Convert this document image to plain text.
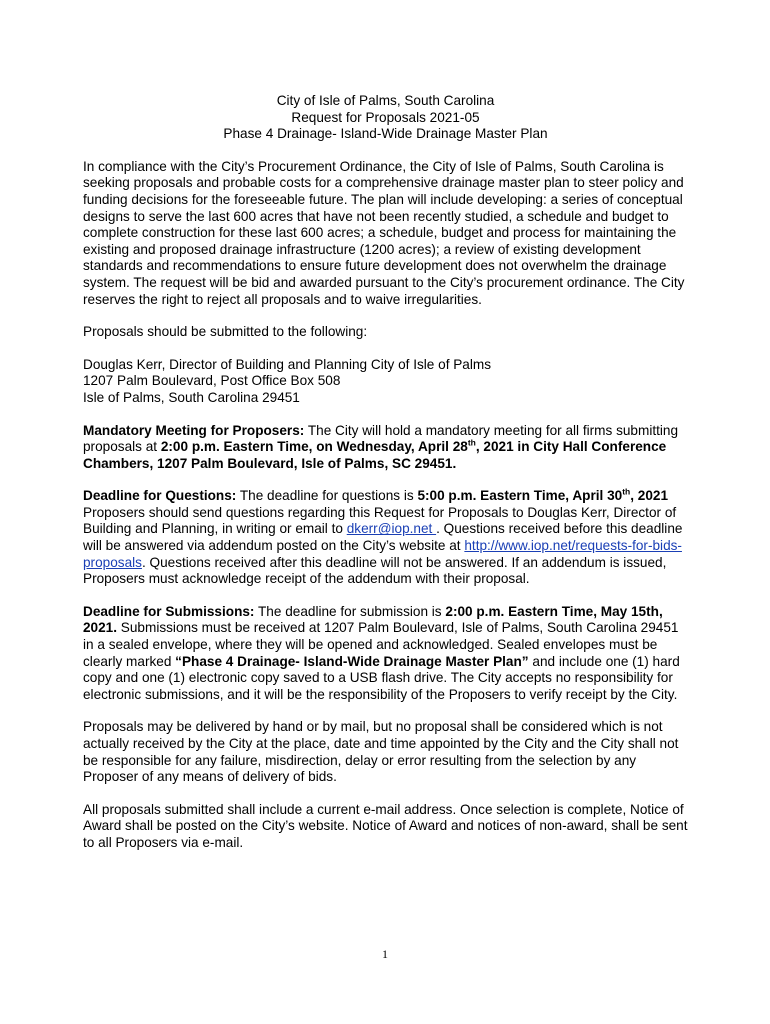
City of Isle of Palms, South Carolina
Request for Proposals 2021-05
Phase 4 Drainage- Island-Wide Drainage Master Plan

In compliance with the City’s Procurement Ordinance, the City of Isle of Palms, South Carolina is seeking proposals and probable costs for a comprehensive drainage master plan to steer policy and funding decisions for the foreseeable future. The plan will include developing: a series of conceptual designs to serve the last 600 acres that have not been recently studied, a schedule and budget to complete construction for these last 600 acres; a schedule, budget and process for maintaining the existing and proposed drainage infrastructure (1200 acres); a review of existing development standards and recommendations to ensure future development does not overwhelm the drainage system. The request will be bid and awarded pursuant to the City’s procurement ordinance. The City reserves the right to reject all proposals and to waive irregularities.

Proposals should be submitted to the following:

Douglas Kerr, Director of Building and Planning City of Isle of Palms
1207 Palm Boulevard, Post Office Box 508
Isle of Palms, South Carolina 29451

Mandatory Meeting for Proposers: The City will hold a mandatory meeting for all firms submitting proposals at 2:00 p.m. Eastern Time, on Wednesday, April 28th, 2021 in City Hall Conference Chambers, 1207 Palm Boulevard, Isle of Palms, SC 29451.

Deadline for Questions: The deadline for questions is 5:00 p.m. Eastern Time, April 30th, 2021 Proposers should send questions regarding this Request for Proposals to Douglas Kerr, Director of Building and Planning, in writing or email to dkerr@iop.net . Questions received before this deadline will be answered via addendum posted on the City’s website at http://www.iop.net/requests-for-bids-proposals. Questions received after this deadline will not be answered. If an addendum is issued, Proposers must acknowledge receipt of the addendum with their proposal.

Deadline for Submissions: The deadline for submission is 2:00 p.m. Eastern Time, May 15th, 2021. Submissions must be received at 1207 Palm Boulevard, Isle of Palms, South Carolina 29451 in a sealed envelope, where they will be opened and acknowledged. Sealed envelopes must be clearly marked “Phase 4 Drainage- Island-Wide Drainage Master Plan” and include one (1) hard copy and one (1) electronic copy saved to a USB flash drive. The City accepts no responsibility for electronic submissions, and it will be the responsibility of the Proposers to verify receipt by the City.

Proposals may be delivered by hand or by mail, but no proposal shall be considered which is not actually received by the City at the place, date and time appointed by the City and the City shall not be responsible for any failure, misdirection, delay or error resulting from the selection by any Proposer of any means of delivery of bids.

All proposals submitted shall include a current e-mail address. Once selection is complete, Notice of Award shall be posted on the City’s website. Notice of Award and notices of non-award, shall be sent to all Proposers via e-mail.

1
